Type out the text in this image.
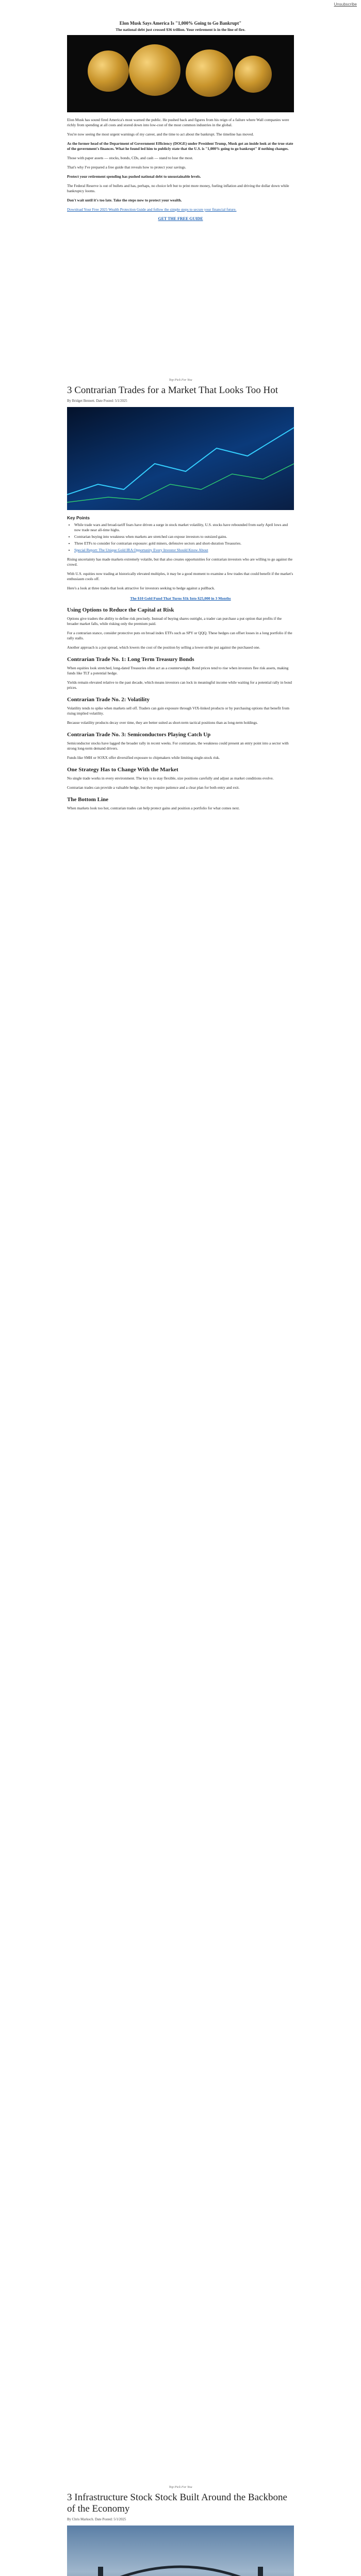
Unsubscribe
Elon Musk Says America Is "1,000% Going to Go Bankrupt"
The national debt just crossed $36 trillion. Your retirement is in the line of fire.

Elon Musk has sound fired America's most warned the public. He pushed back and figures from his reign of a failure where Wall companies were richly from spending at all costs and stored down into low-cost of the most common industries in the global.

You're now seeing the most urgent warnings of my career, and the time to act about the bankrupt. The timeline has moved.

As the former head of the Department of Government Efficiency (DOGE) under President Trump, Musk got an inside look at the true state of the government's finances. What he found led him to publicly state that the U.S. is "1,000% going to go bankrupt" if nothing changes.

Those with paper assets — stocks, bonds, CDs, and cash — stand to lose the most.

That's why I've prepared a free guide that reveals how to protect your savings.

Protect your retirement spending has pushed national debt to unsustainable levels.

The Federal Reserve is out of bullets and has, perhaps, no choice left but to print more money, fueling inflation and driving the dollar down while bankruptcy looms.

Don't wait until it's too late. Take the steps now to protect your wealth.

Download Your Free 2025 Wealth Protection Guide and follow the simple steps to secure your financial future.

GET THE FREE GUIDE
Top Pick For You
3 Contrarian Trades for a Market That Looks Too Hot
By Bridget Bennett. Date Posted: 5/1/2025
Key Points
• While trade wars and broad-tariff fears have driven a surge in stock market volatility, U.S. stocks have rebounded from early April lows and now trade near all-time highs.
• Contrarian buying into weakness when markets are stretched can expose investors to outsized gains.
• Three ETFs to consider for contrarian exposure: gold miners, defensive sectors and short-duration Treasuries.
• Special Report: The Unique Gold IRA Opportunity Every Investor Should Know About

Rising uncertainty has made markets extremely volatile, but that also creates opportunities for contrarian investors who are willing to go against the crowd.

With U.S. equities now trading at historically elevated multiples, it may be a good moment to examine a few trades that could benefit if the market's enthusiasm cools off.

Here's a look at three trades that look attractive for investors seeking to hedge against a pullback.

The $10 Gold Fund That Turns $1k Into $25,000 in 3 Months
Using Options to Reduce the Capital at Risk

Options give traders the ability to define risk precisely. Instead of buying shares outright, a trader can purchase a put option that profits if the broader market falls, while risking only the premium paid.

For a contrarian stance, consider protective puts on broad index ETFs such as SPY or QQQ. These hedges can offset losses in a long portfolio if the rally stalls.

Another approach is a put spread, which lowers the cost of the position by selling a lower-strike put against the purchased one.

Contrarian Trade No. 1: Long Term Treasury Bonds

When equities look stretched, long-dated Treasuries often act as a counterweight. Bond prices tend to rise when investors flee risk assets, making funds like TLT a potential hedge.

Yields remain elevated relative to the past decade, which means investors can lock in meaningful income while waiting for a potential rally in bond prices.

Contrarian Trade No. 2: Volatility

Volatility tends to spike when markets sell off. Traders can gain exposure through VIX-linked products or by purchasing options that benefit from rising implied volatility.

Because volatility products decay over time, they are better suited as short-term tactical positions than as long-term holdings.

Contrarian Trade No. 3: Semiconductors Playing Catch Up

Semiconductor stocks have lagged the broader rally in recent weeks. For contrarians, the weakness could present an entry point into a sector with strong long-term demand drivers.

Funds like SMH or SOXX offer diversified exposure to chipmakers while limiting single-stock risk.

One Strategy Has to Change With the Market

No single trade works in every environment. The key is to stay flexible, size positions carefully and adjust as market conditions evolve.

Contrarian trades can provide a valuable hedge, but they require patience and a clear plan for both entry and exit.

The Bottom Line

When markets look too hot, contrarian trades can help protect gains and position a portfolio for what comes next.

Top Pick For You
3 Infrastructure Stock Stock Built Around the Backbone of the Economy
By Chris Markoch. Date Posted: 5/1/2025
